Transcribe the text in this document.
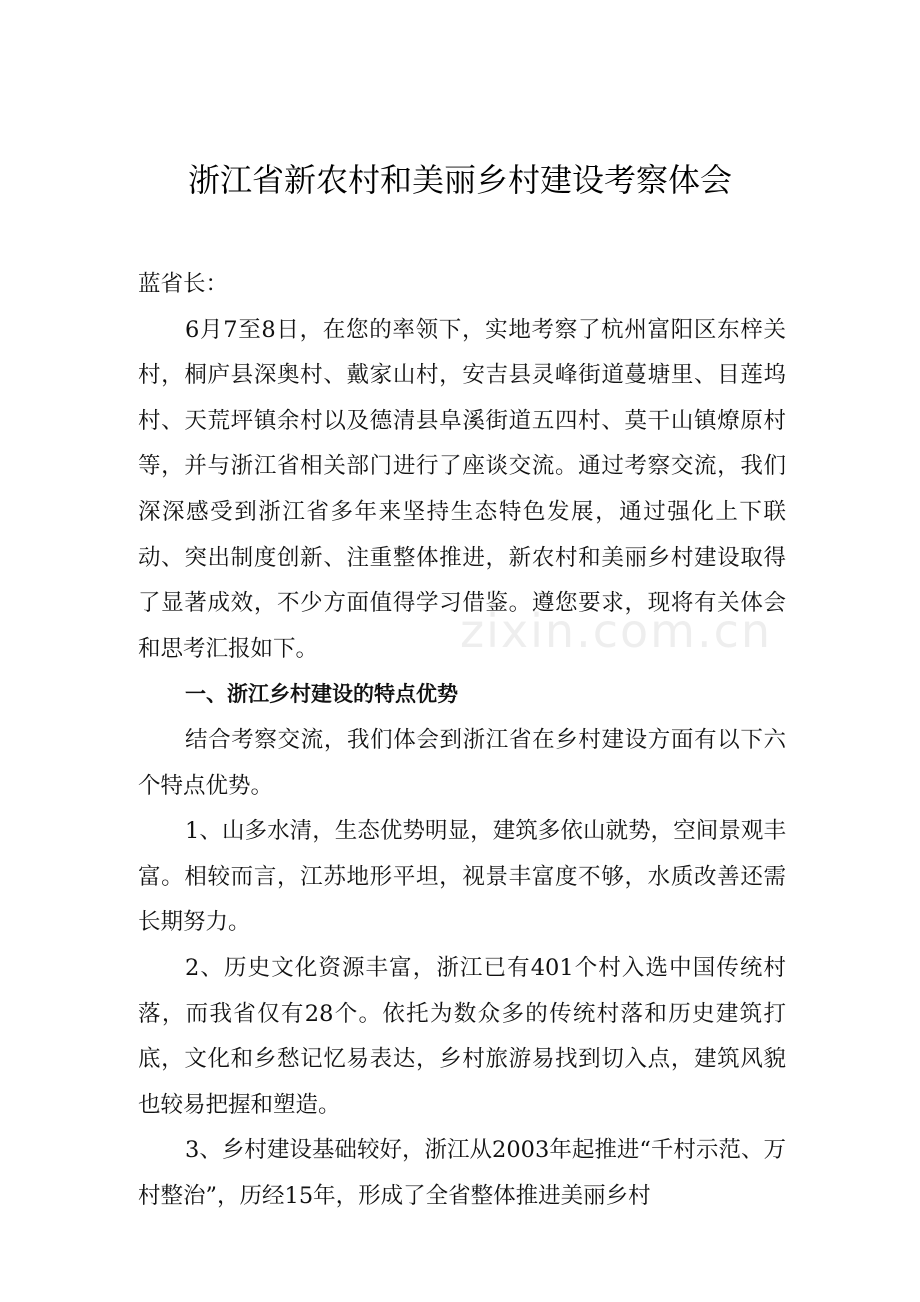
浙江省新农村和美丽乡村建设考察体会

蓝省长：

6月7至8日，在您的率领下，实地考察了杭州富阳区东梓关村，桐庐县深奥村、戴家山村，安吉县灵峰街道蔓塘里、目莲坞村、天荒坪镇余村以及德清县阜溪街道五四村、莫干山镇燎原村等，并与浙江省相关部门进行了座谈交流。通过考察交流，我们深深感受到浙江省多年来坚持生态特色发展，通过强化上下联动、突出制度创新、注重整体推进，新农村和美丽乡村建设取得了显著成效，不少方面值得学习借鉴。遵您要求，现将有关体会和思考汇报如下。

一、浙江乡村建设的特点优势

结合考察交流，我们体会到浙江省在乡村建设方面有以下六个特点优势。

1、山多水清，生态优势明显，建筑多依山就势，空间景观丰富。相较而言，江苏地形平坦，视景丰富度不够，水质改善还需长期努力。

2、历史文化资源丰富，浙江已有401个村入选中国传统村落，而我省仅有28个。依托为数众多的传统村落和历史建筑打底，文化和乡愁记忆易表达，乡村旅游易找到切入点，建筑风貌也较易把握和塑造。

3、乡村建设基础较好，浙江从2003年起推进“千村示范、万村整治”，历经15年，形成了全省整体推进美丽乡村

zixin.com.cn
